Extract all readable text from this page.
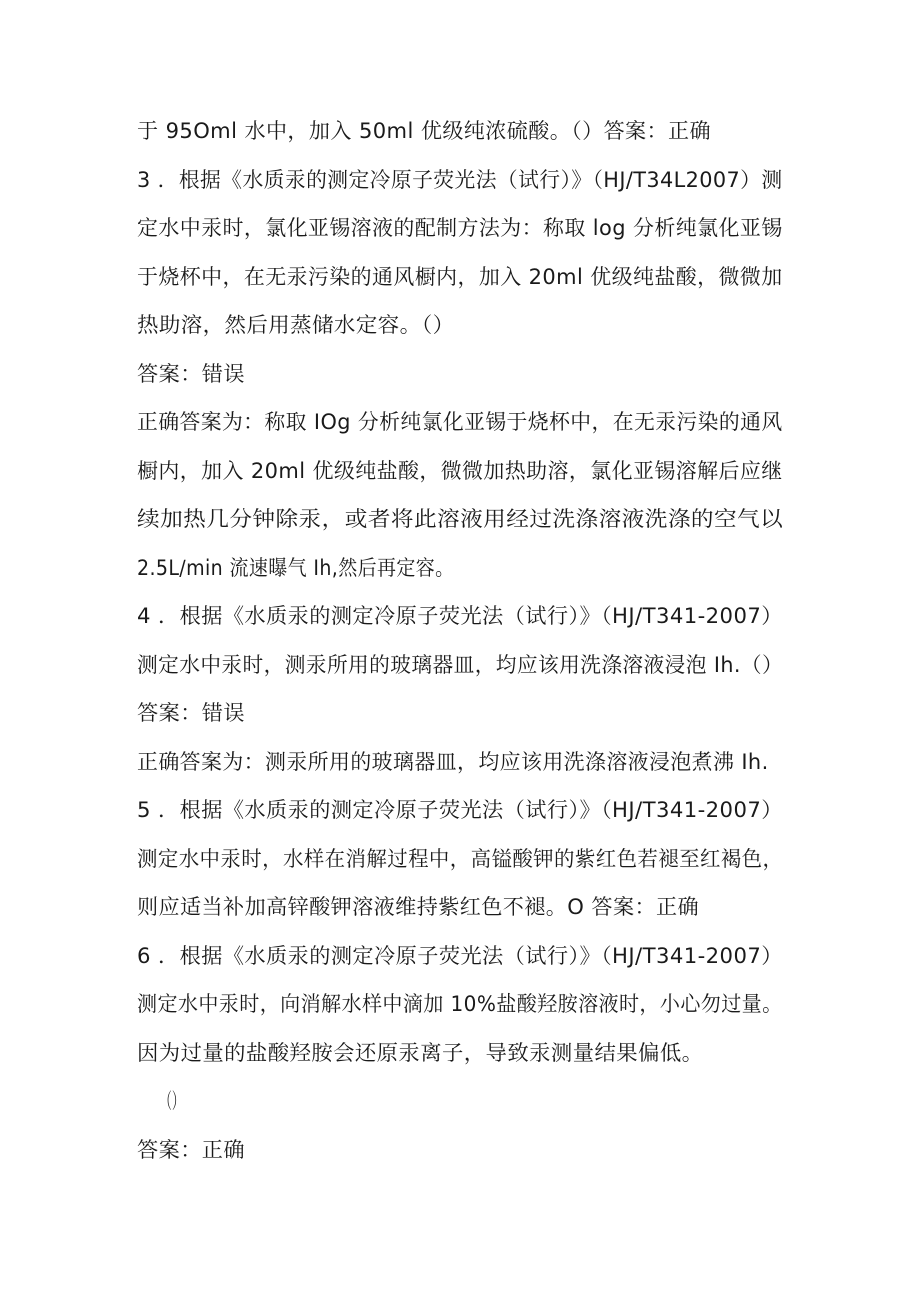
于 95Oml 水中，加入 50ml 优级纯浓硫酸。（）答案：正确
3 ．根据《水质汞的测定冷原子荧光法（试行）》（HJ/T34L2007）测
定水中汞时，氯化亚锡溶液的配制方法为：称取 log 分析纯氯化亚锡
于烧杯中，在无汞污染的通风橱内，加入 20ml 优级纯盐酸，微微加
热助溶，然后用蒸储水定容。（）
答案：错误
正确答案为：称取 IOg 分析纯氯化亚锡于烧杯中，在无汞污染的通风
橱内，加入 20ml 优级纯盐酸，微微加热助溶，氯化亚锡溶解后应继
续加热几分钟除汞，或者将此溶液用经过洗涤溶液洗涤的空气以
2.5L∕min 流速曝气 Ih,然后再定容。
4 ．根据《水质汞的测定冷原子荧光法（试行）》（HJ/T341-2007）
测定水中汞时，测汞所用的玻璃器皿，均应该用洗涤溶液浸泡 Ih.（）
答案：错误
正确答案为：测汞所用的玻璃器皿，均应该用洗涤溶液浸泡煮沸 Ih.
5 ．根据《水质汞的测定冷原子荧光法（试行）》（HJ/T341-2007）
测定水中汞时，水样在消解过程中，高镒酸钾的紫红色若褪至红褐色，
则应适当补加高锌酸钾溶液维持紫红色不褪。O 答案：正确
6 ．根据《水质汞的测定冷原子荧光法（试行）》（HJ/T341-2007）
测定水中汞时，向消解水样中滴加 10%盐酸羟胺溶液时，小心勿过量。
因为过量的盐酸羟胺会还原汞离子，导致汞测量结果偏低。
（）
答案：正确
